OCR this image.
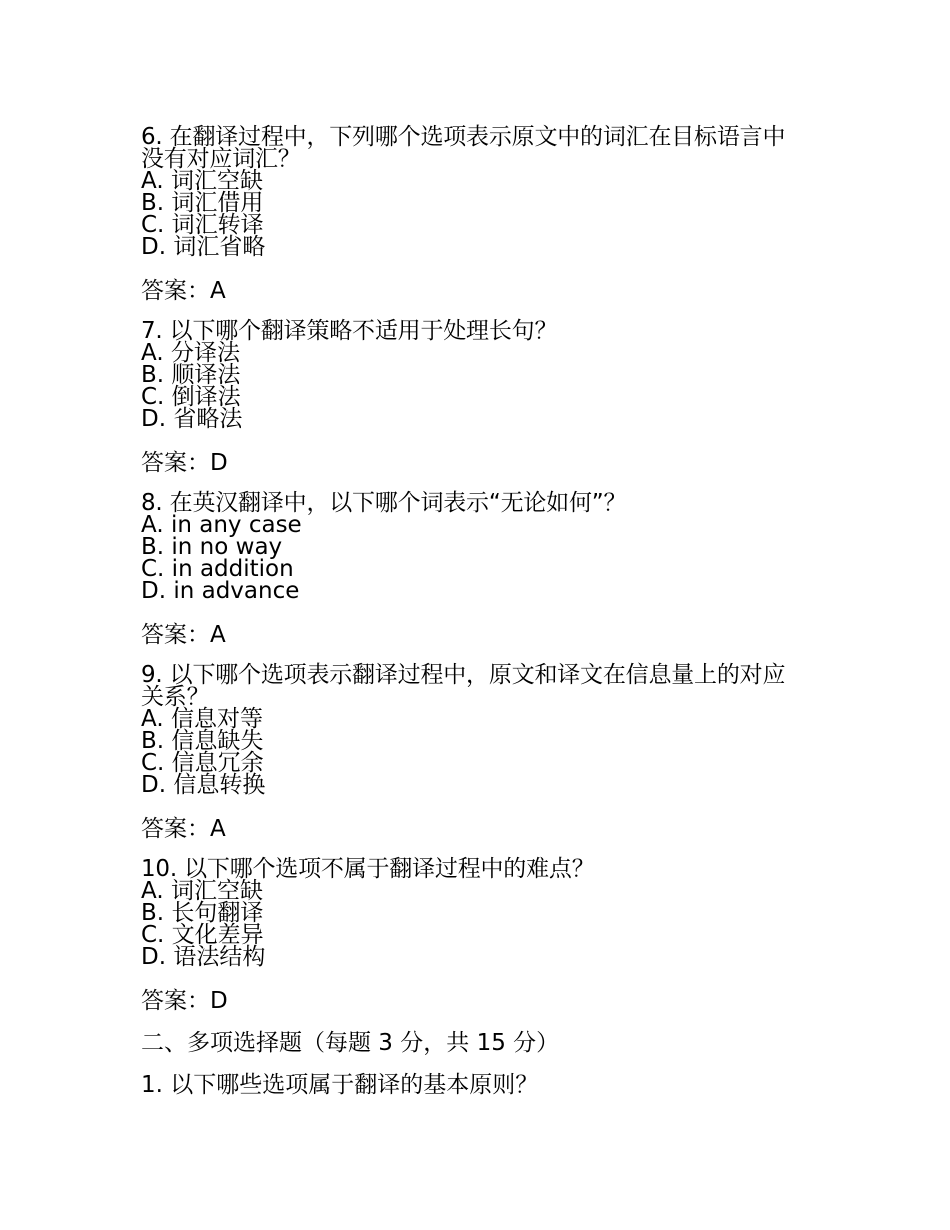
6. 在翻译过程中，下列哪个选项表示原文中的词汇在目标语言中没有对应词汇？

A. 词汇空缺

B. 词汇借用

C. 词汇转译

D. 词汇省略

答案：A

7. 以下哪个翻译策略不适用于处理长句？

A. 分译法

B. 顺译法

C. 倒译法

D. 省略法

答案：D

8. 在英汉翻译中，以下哪个词表示“无论如何”？

A. in any case

B. in no way

C. in addition

D. in advance

答案：A

9. 以下哪个选项表示翻译过程中，原文和译文在信息量上的对应关系？

A. 信息对等

B. 信息缺失

C. 信息冗余

D. 信息转换

答案：A

10. 以下哪个选项不属于翻译过程中的难点？

A. 词汇空缺

B. 长句翻译

C. 文化差异

D. 语法结构

答案：D

二、多项选择题（每题 3 分，共 15 分）

1. 以下哪些选项属于翻译的基本原则？
